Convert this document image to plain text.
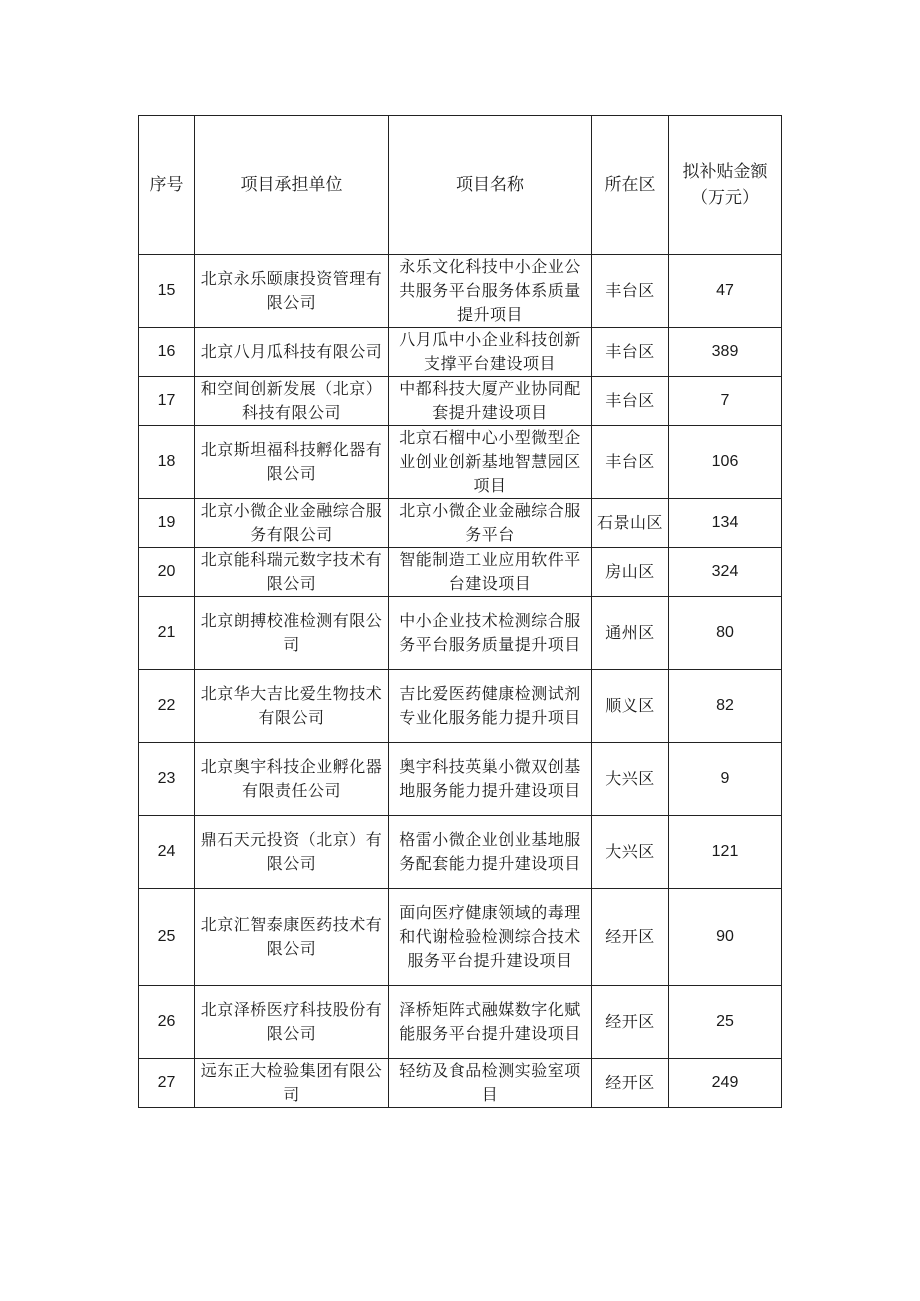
序号	项目承担单位	项目名称	所在区	拟补贴金额（万元）
15	北京永乐颐康投资管理有限公司	永乐文化科技中小企业公共服务平台服务体系质量提升项目	丰台区	47
16	北京八月瓜科技有限公司	八月瓜中小企业科技创新支撑平台建设项目	丰台区	389
17	和空间创新发展（北京）科技有限公司	中都科技大厦产业协同配套提升建设项目	丰台区	7
18	北京斯坦福科技孵化器有限公司	北京石榴中心小型微型企业创业创新基地智慧园区项目	丰台区	106
19	北京小微企业金融综合服务有限公司	北京小微企业金融综合服务平台	石景山区	134
20	北京能科瑞元数字技术有限公司	智能制造工业应用软件平台建设项目	房山区	324
21	北京朗搏校准检测有限公司	中小企业技术检测综合服务平台服务质量提升项目	通州区	80
22	北京华大吉比爱生物技术有限公司	吉比爱医药健康检测试剂专业化服务能力提升项目	顺义区	82
23	北京奥宇科技企业孵化器有限责任公司	奥宇科技英巢小微双创基地服务能力提升建设项目	大兴区	9
24	鼎石天元投资（北京）有限公司	格雷小微企业创业基地服务配套能力提升建设项目	大兴区	121
25	北京汇智泰康医药技术有限公司	面向医疗健康领域的毒理和代谢检验检测综合技术服务平台提升建设项目	经开区	90
26	北京泽桥医疗科技股份有限公司	泽桥矩阵式融媒数字化赋能服务平台提升建设项目	经开区	25
27	远东正大检验集团有限公司	轻纺及食品检测实验室项目	经开区	249
